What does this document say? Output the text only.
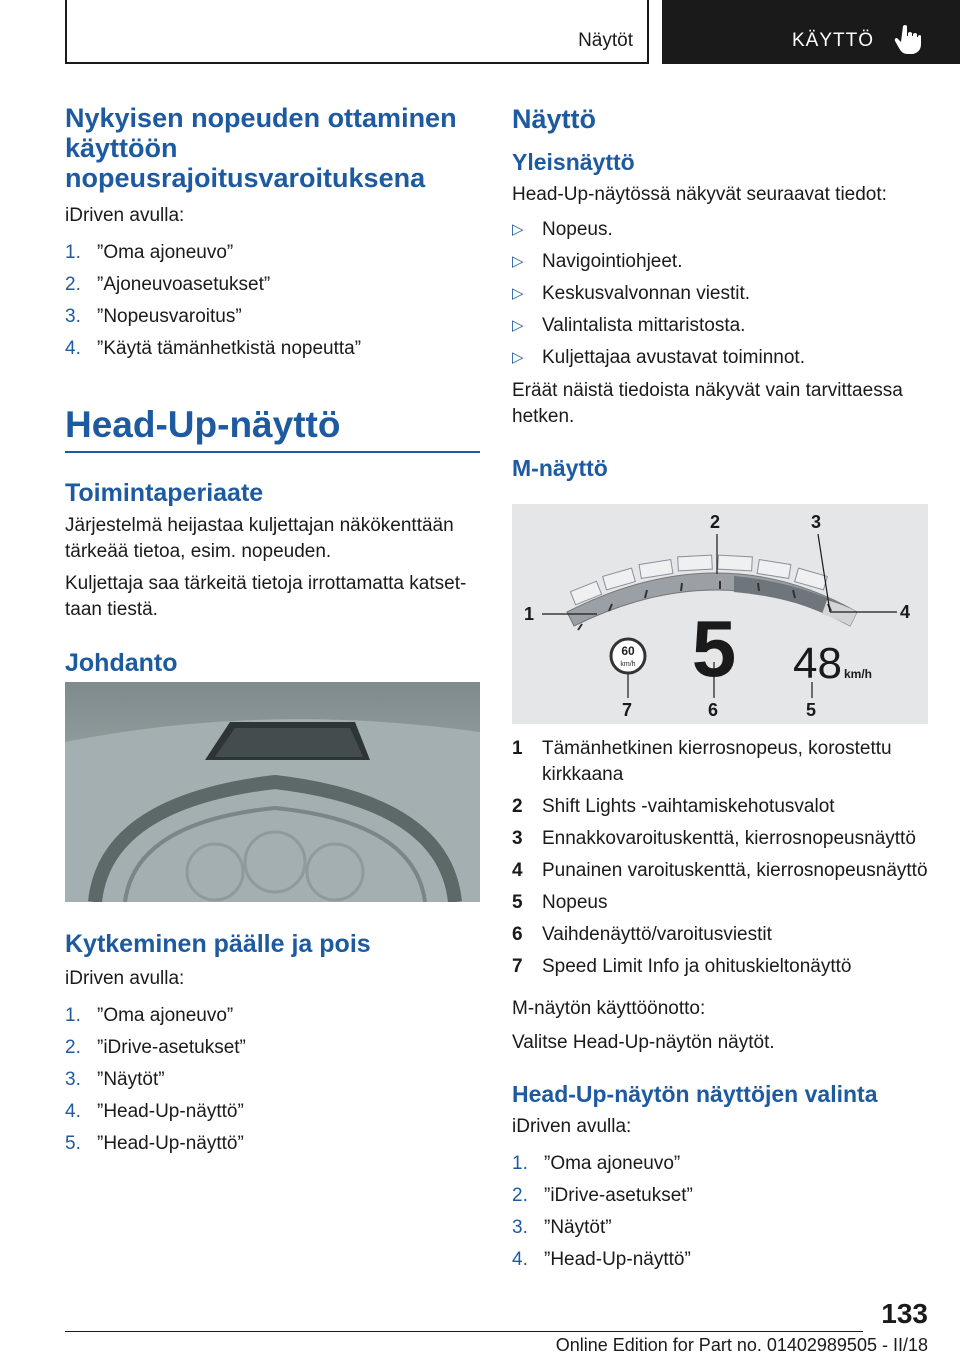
Näytöt	KÄYTTÖ
Nykyisen nopeuden ottaminen käyttöön nopeusrajoitusvaroituksena

iDriven avulla:

1. ”Oma ajoneuvo”
2. ”Ajoneuvoasetukset”
3. ”Nopeusvaroitus”
4. ”Käytä tämänhetkistä nopeutta”
Head-Up-näyttö
Toimintaperiaate

Järjestelmä heijastaa kuljettajan näkökenttään tärkeää tietoa, esim. nopeuden.

Kuljettaja saa tärkeitä tietoja irrottamatta katsettaan tiestä.

Johdanto
Kytkeminen päälle ja pois

iDriven avulla:

1. ”Oma ajoneuvo”
2. ”iDrive-asetukset”
3. ”Näytöt”
4. ”Head-Up-näyttö”
5. ”Head-Up-näyttö”
Näyttö
Yleisnäyttö

Head-Up-näytössä näkyvät seuraavat tiedot:

▷ Nopeus.
▷ Navigointiohjeet.
▷ Keskusvalvonnan viestit.
▷ Valintalista mittaristosta.
▷ Kuljettajaa avustavat toiminnot.

Eräät näistä tiedoista näkyvät vain tarvittaessa hetken.

M-näyttö
60
km/h 5 48 km/h
1
2	3
4
5
6
7
1 Tämänhetkinen kierrosnopeus, korostettu kirkkaana
2 Shift Lights -vaihtamiskehotusvalot
3 Ennakkovaroituskenttä, kierrosnopeusnäyttö
4 Punainen varoituskenttä, kierrosnopeusnäyttö
5 Nopeus
6 Vaihdenäyttö/varoitusviestit
7 Speed Limit Info ja ohituskieltonäyttö

M-näytön käyttöönotto:

Valitse Head-Up-näytön näytöt.

Head-Up-näytön näyttöjen valinta

iDriven avulla:

1. ”Oma ajoneuvo”
2. ”iDrive-asetukset”
3. ”Näytöt”
4. ”Head-Up-näyttö”
133
Online Edition for Part no. 01402989505 - II/18
